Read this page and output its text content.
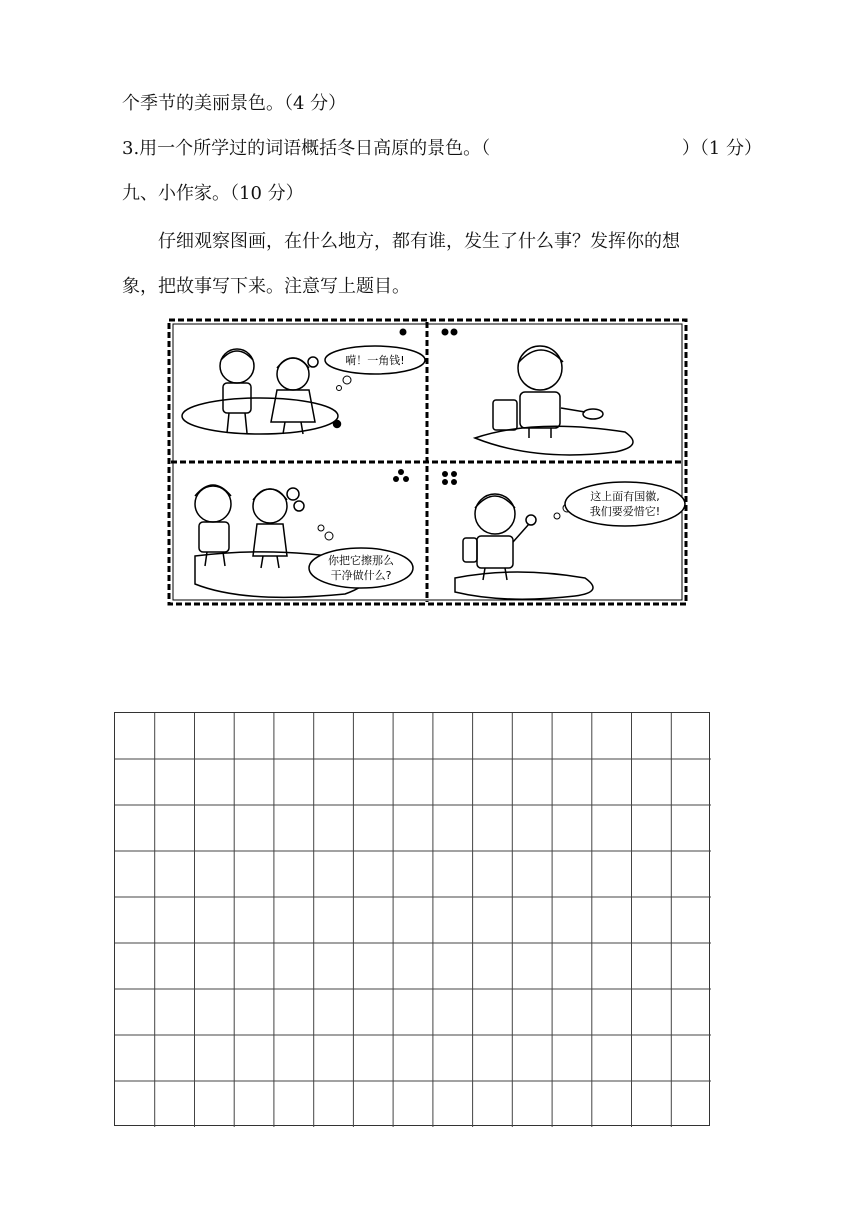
个季节的美丽景色。（4 分）
3.用一个所学过的词语概括冬日高原的景色。（	）（1 分）
九、小作家。（10 分）
仔细观察图画，在什么地方，都有谁，发生了什么事？发挥你的想
象，把故事写下来。注意写上题目。
嗬！一角钱!
你把它擦那么
干净做什么?
这上面有国徽,
我们要爱惜它!
